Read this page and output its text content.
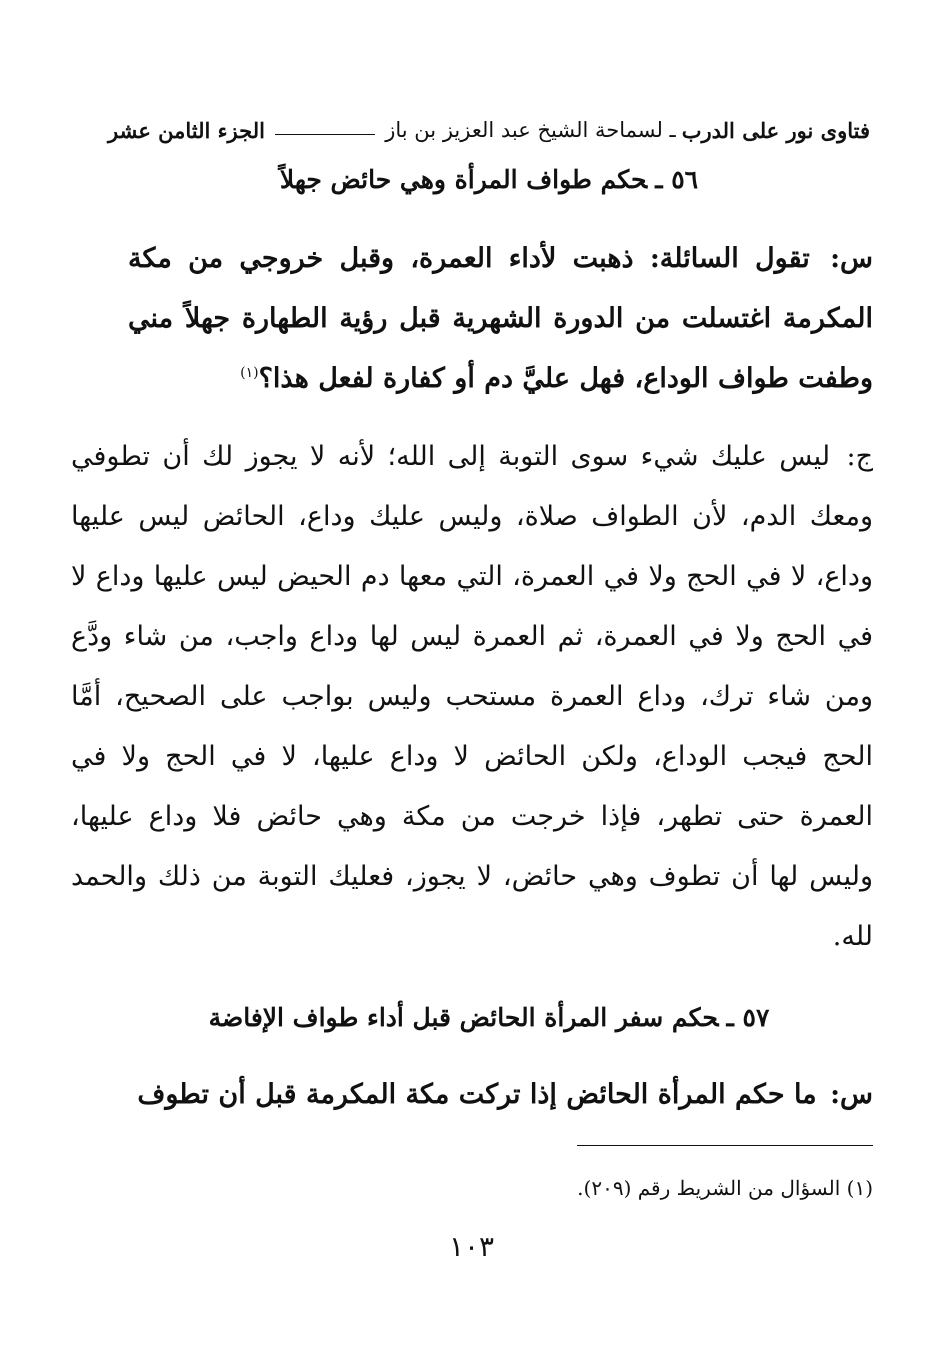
فتاوى نور على الدرب
ـ لسماحة الشيخ عبد العزيز بن باز
الجزء الثامن عشر
٥٦ ـحكم طواف المرأة وهي حائض جهلاً

س: تقول السائلة: ذهبت لأداء العمرة، وقبل خروجي من مكة المكرمة اغتسلت من الدورة الشهرية قبل رؤية الطهارة جهلاً مني وطفت طواف الوداع، فهل عليَّ دم أو كفارة لفعل هذا؟$^{(١)}$

ج: ليس عليك شيء سوى التوبة إلى الله؛ لأنه لا يجوز لك أن تطوفي ومعك الدم، لأن الطواف صلاة، وليس عليك وداع، الحائض ليس عليها وداع، لا في الحج ولا في العمرة، التي معها دم الحيض ليس عليها وداع لا في الحج ولا في العمرة، ثم العمرة ليس لها وداع واجب، من شاء ودَّع ومن شاء ترك، وداع العمرة مستحب وليس بواجب على الصحيح، أمَّا الحج فيجب الوداع، ولكن الحائض لا وداع عليها، لا في الحج ولا في العمرة حتى تطهر، فإذا خرجت من مكة وهي حائض فلا وداع عليها، وليس لها أن تطوف وهي حائض، لا يجوز، فعليك التوبة من ذلك والحمد لله.

٥٧ ـحكم سفر المرأة الحائض قبل أداء طواف الإفاضة

س: ما حكم المرأة الحائض إذا تركت مكة المكرمة قبل أن تطوف

(١) السؤال من الشريط رقم (٢٠٩).
١٠٣
